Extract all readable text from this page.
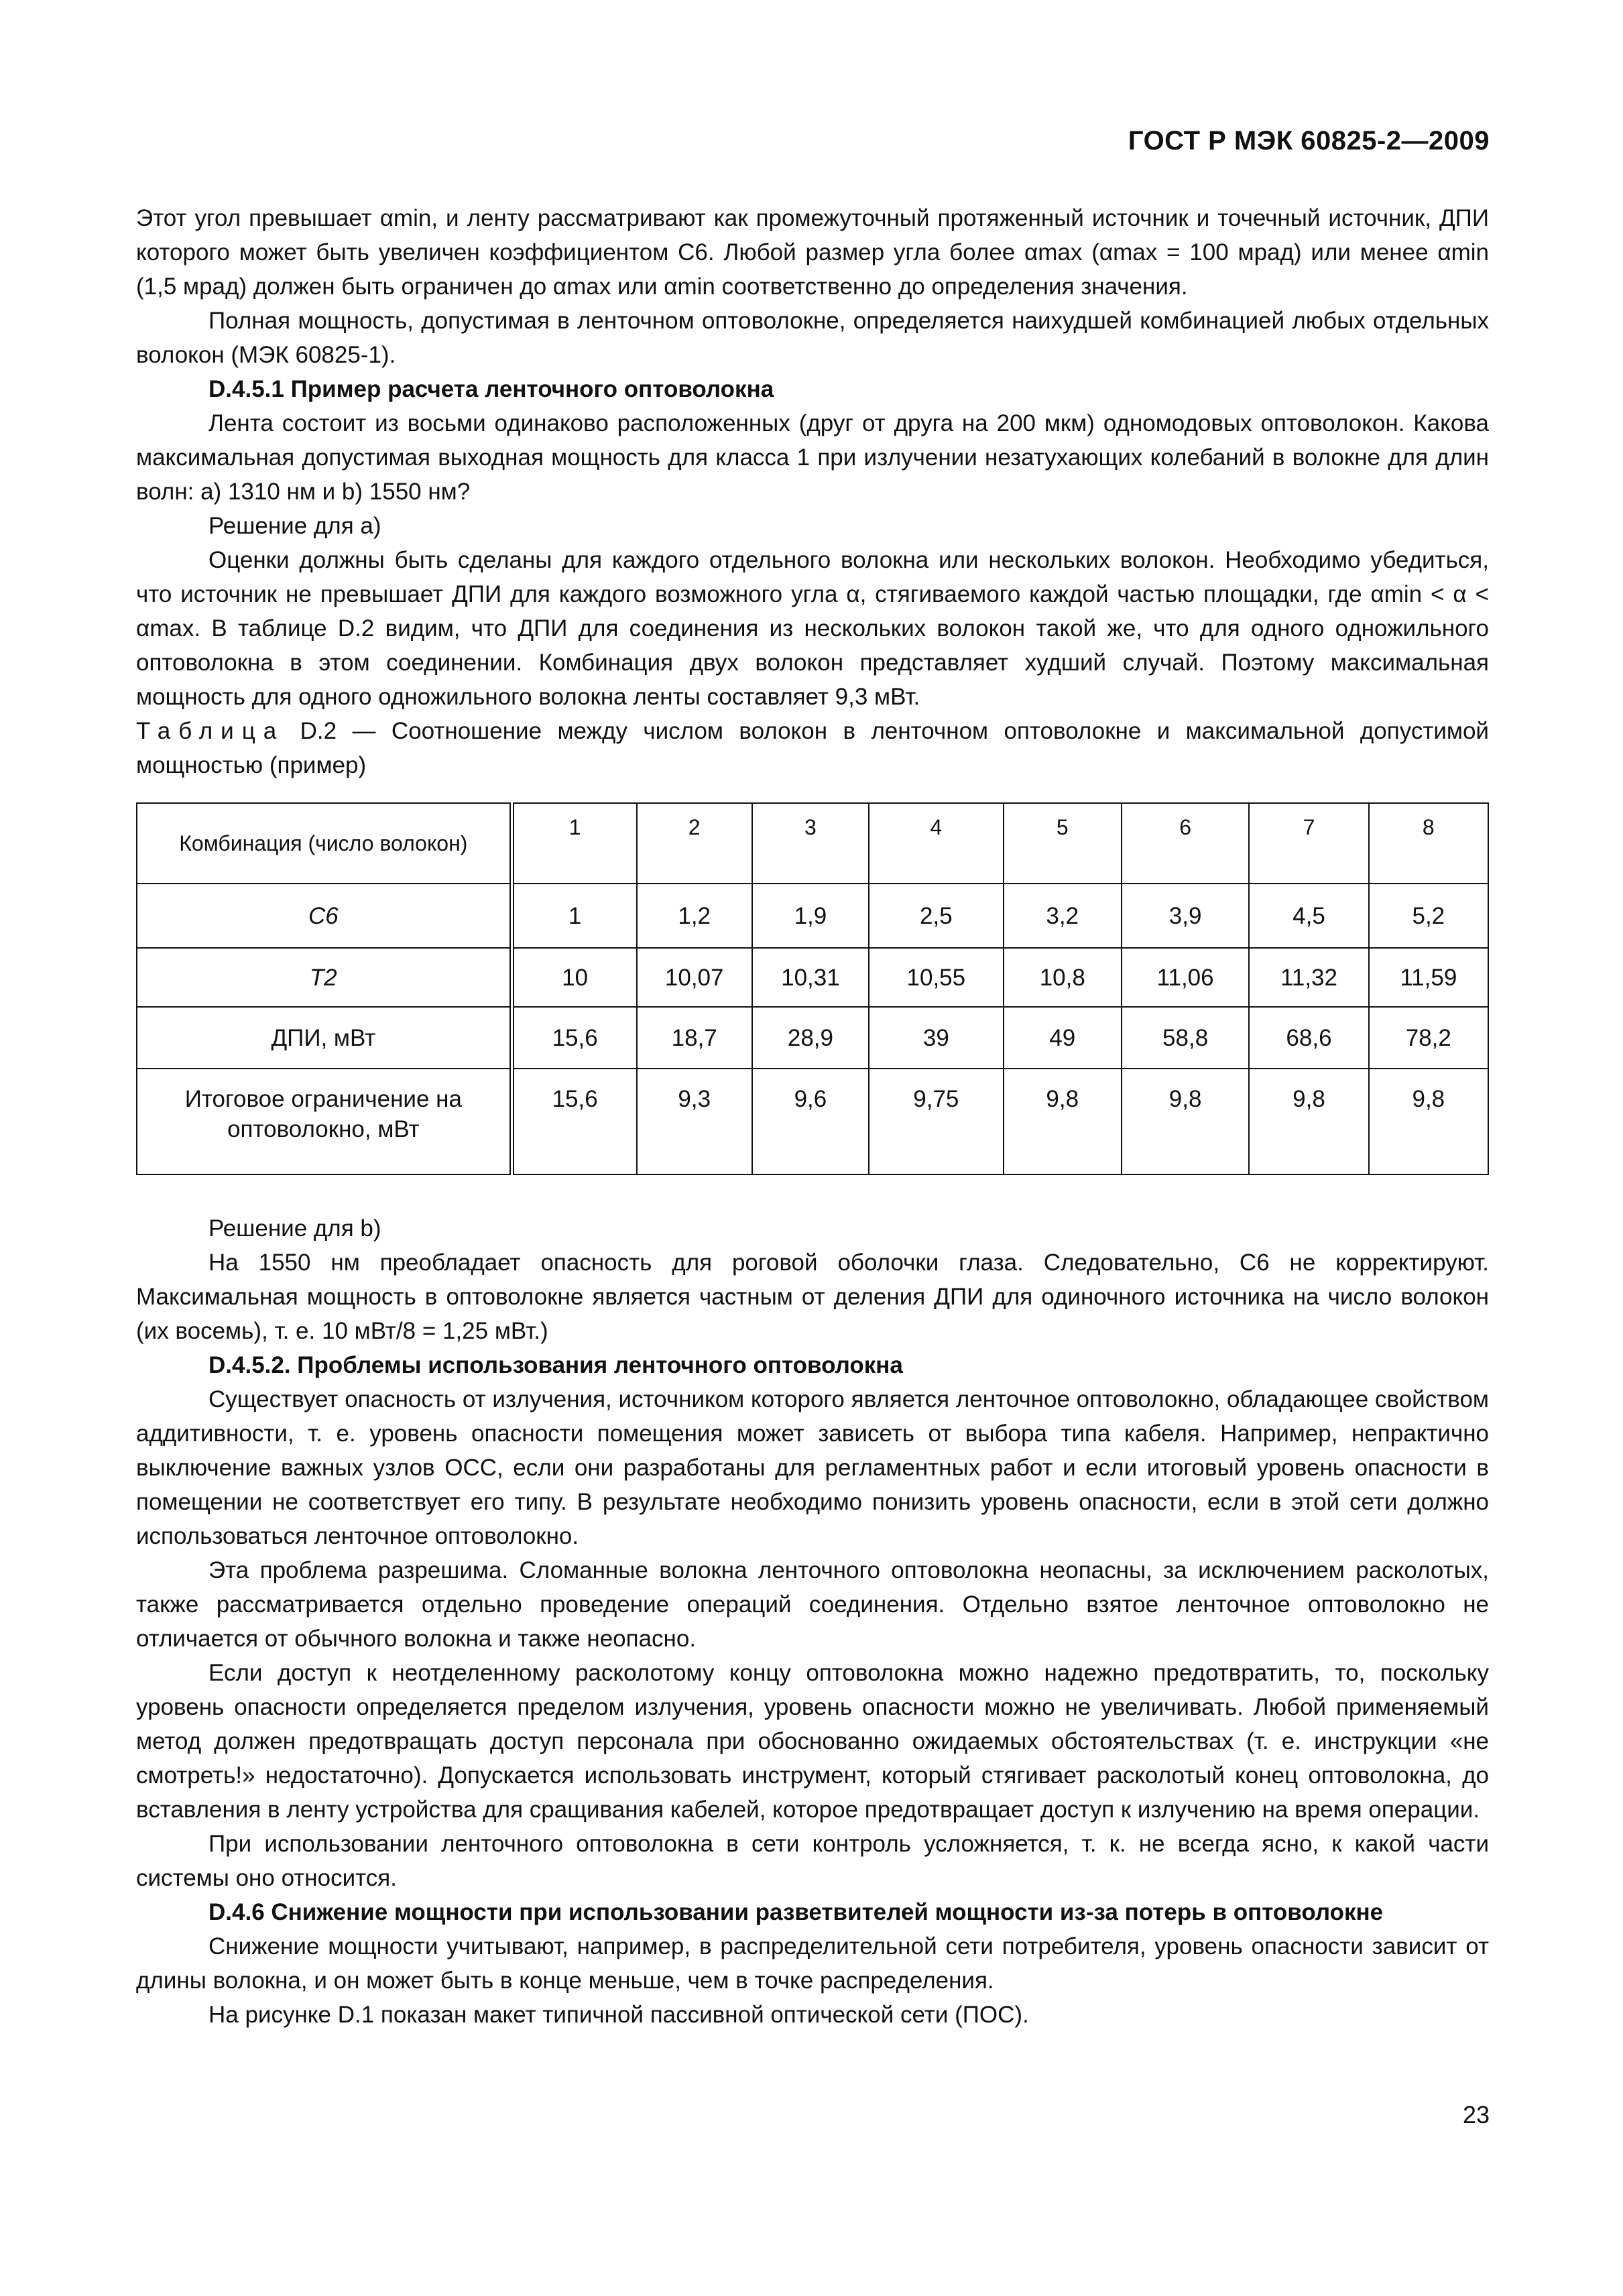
ГОСТ Р МЭК 60825-2—2009

Этот угол превышает αmin, и ленту рассматривают как промежуточный протяженный источник и точечный источник, ДПИ которого может быть увеличен коэффициентом C6. Любой размер угла более αmax (αmax = 100 мрад) или менее αmin (1,5 мрад) должен быть ограничен до αmax или αmin соответственно до определения значения.

Полная мощность, допустимая в ленточном оптоволокне, определяется наихудшей комбинацией любых отдельных волокон (МЭК 60825-1).

D.4.5.1 Пример расчета ленточного оптоволокна

Лента состоит из восьми одинаково расположенных (друг от друга на 200 мкм) одномодовых оптоволокон. Какова максимальная допустимая выходная мощность для класса 1 при излучении незатухающих колебаний в волокне для длин волн: a) 1310 нм и b) 1550 нм?

Решение для a)

Оценки должны быть сделаны для каждого отдельного волокна или нескольких волокон. Необходимо убедиться, что источник не превышает ДПИ для каждого возможного угла α, стягиваемого каждой частью площадки, где αmin < α < αmax. В таблице D.2 видим, что ДПИ для соединения из нескольких волокон такой же, что для одного одножильного оптоволокна в этом соединении. Комбинация двух волокон представляет худший случай. Поэтому максимальная мощность для одного одножильного волокна ленты составляет 9,3 мВт.

Таблица D.2 — Соотношение между числом волокон в ленточном оптоволокне и максимальной допустимой мощностью (пример)

Комбинация (число волокон)	1	2	3	4	5	6	7	8
C6	1	1,2	1,9	2,5	3,2	3,9	4,5	5,2
T2	10	10,07	10,31	10,55	10,8	11,06	11,32	11,59
ДПИ, мВт	15,6	18,7	28,9	39	49	58,8	68,6	78,2
Итоговое ограничение на оптоволокно, мВт	15,6	9,3	9,6	9,75	9,8	9,8	9,8	9,8

Решение для b)

На 1550 нм преобладает опасность для роговой оболочки глаза. Следовательно, C6 не корректируют. Максимальная мощность в оптоволокне является частным от деления ДПИ для одиночного источника на число волокон (их восемь), т. е. 10 мВт/8 = 1,25 мВт.)

D.4.5.2. Проблемы использования ленточного оптоволокна

Существует опасность от излучения, источником которого является ленточное оптоволокно, обладающее свойством аддитивности, т. е. уровень опасности помещения может зависеть от выбора типа кабеля. Например, непрактично выключение важных узлов ОСС, если они разработаны для регламентных работ и если итоговый уровень опасности в помещении не соответствует его типу. В результате необходимо понизить уровень опасности, если в этой сети должно использоваться ленточное оптоволокно.

Эта проблема разрешима. Сломанные волокна ленточного оптоволокна неопасны, за исключением расколотых, также рассматривается отдельно проведение операций соединения. Отдельно взятое ленточное оптоволокно не отличается от обычного волокна и также неопасно.

Если доступ к неотделенному расколотому концу оптоволокна можно надежно предотвратить, то, поскольку уровень опасности определяется пределом излучения, уровень опасности можно не увеличивать. Любой применяемый метод должен предотвращать доступ персонала при обоснованно ожидаемых обстоятельствах (т. е. инструкции «не смотреть!» недостаточно). Допускается использовать инструмент, который стягивает расколотый конец оптоволокна, до вставления в ленту устройства для сращивания кабелей, которое предотвращает доступ к излучению на время операции.

При использовании ленточного оптоволокна в сети контроль усложняется, т. к. не всегда ясно, к какой части системы оно относится.

D.4.6 Снижение мощности при использовании разветвителей мощности из-за потерь в оптоволокне

Снижение мощности учитывают, например, в распределительной сети потребителя, уровень опасности зависит от длины волокна, и он может быть в конце меньше, чем в точке распределения.

На рисунке D.1 показан макет типичной пассивной оптической сети (ПОС).

23
